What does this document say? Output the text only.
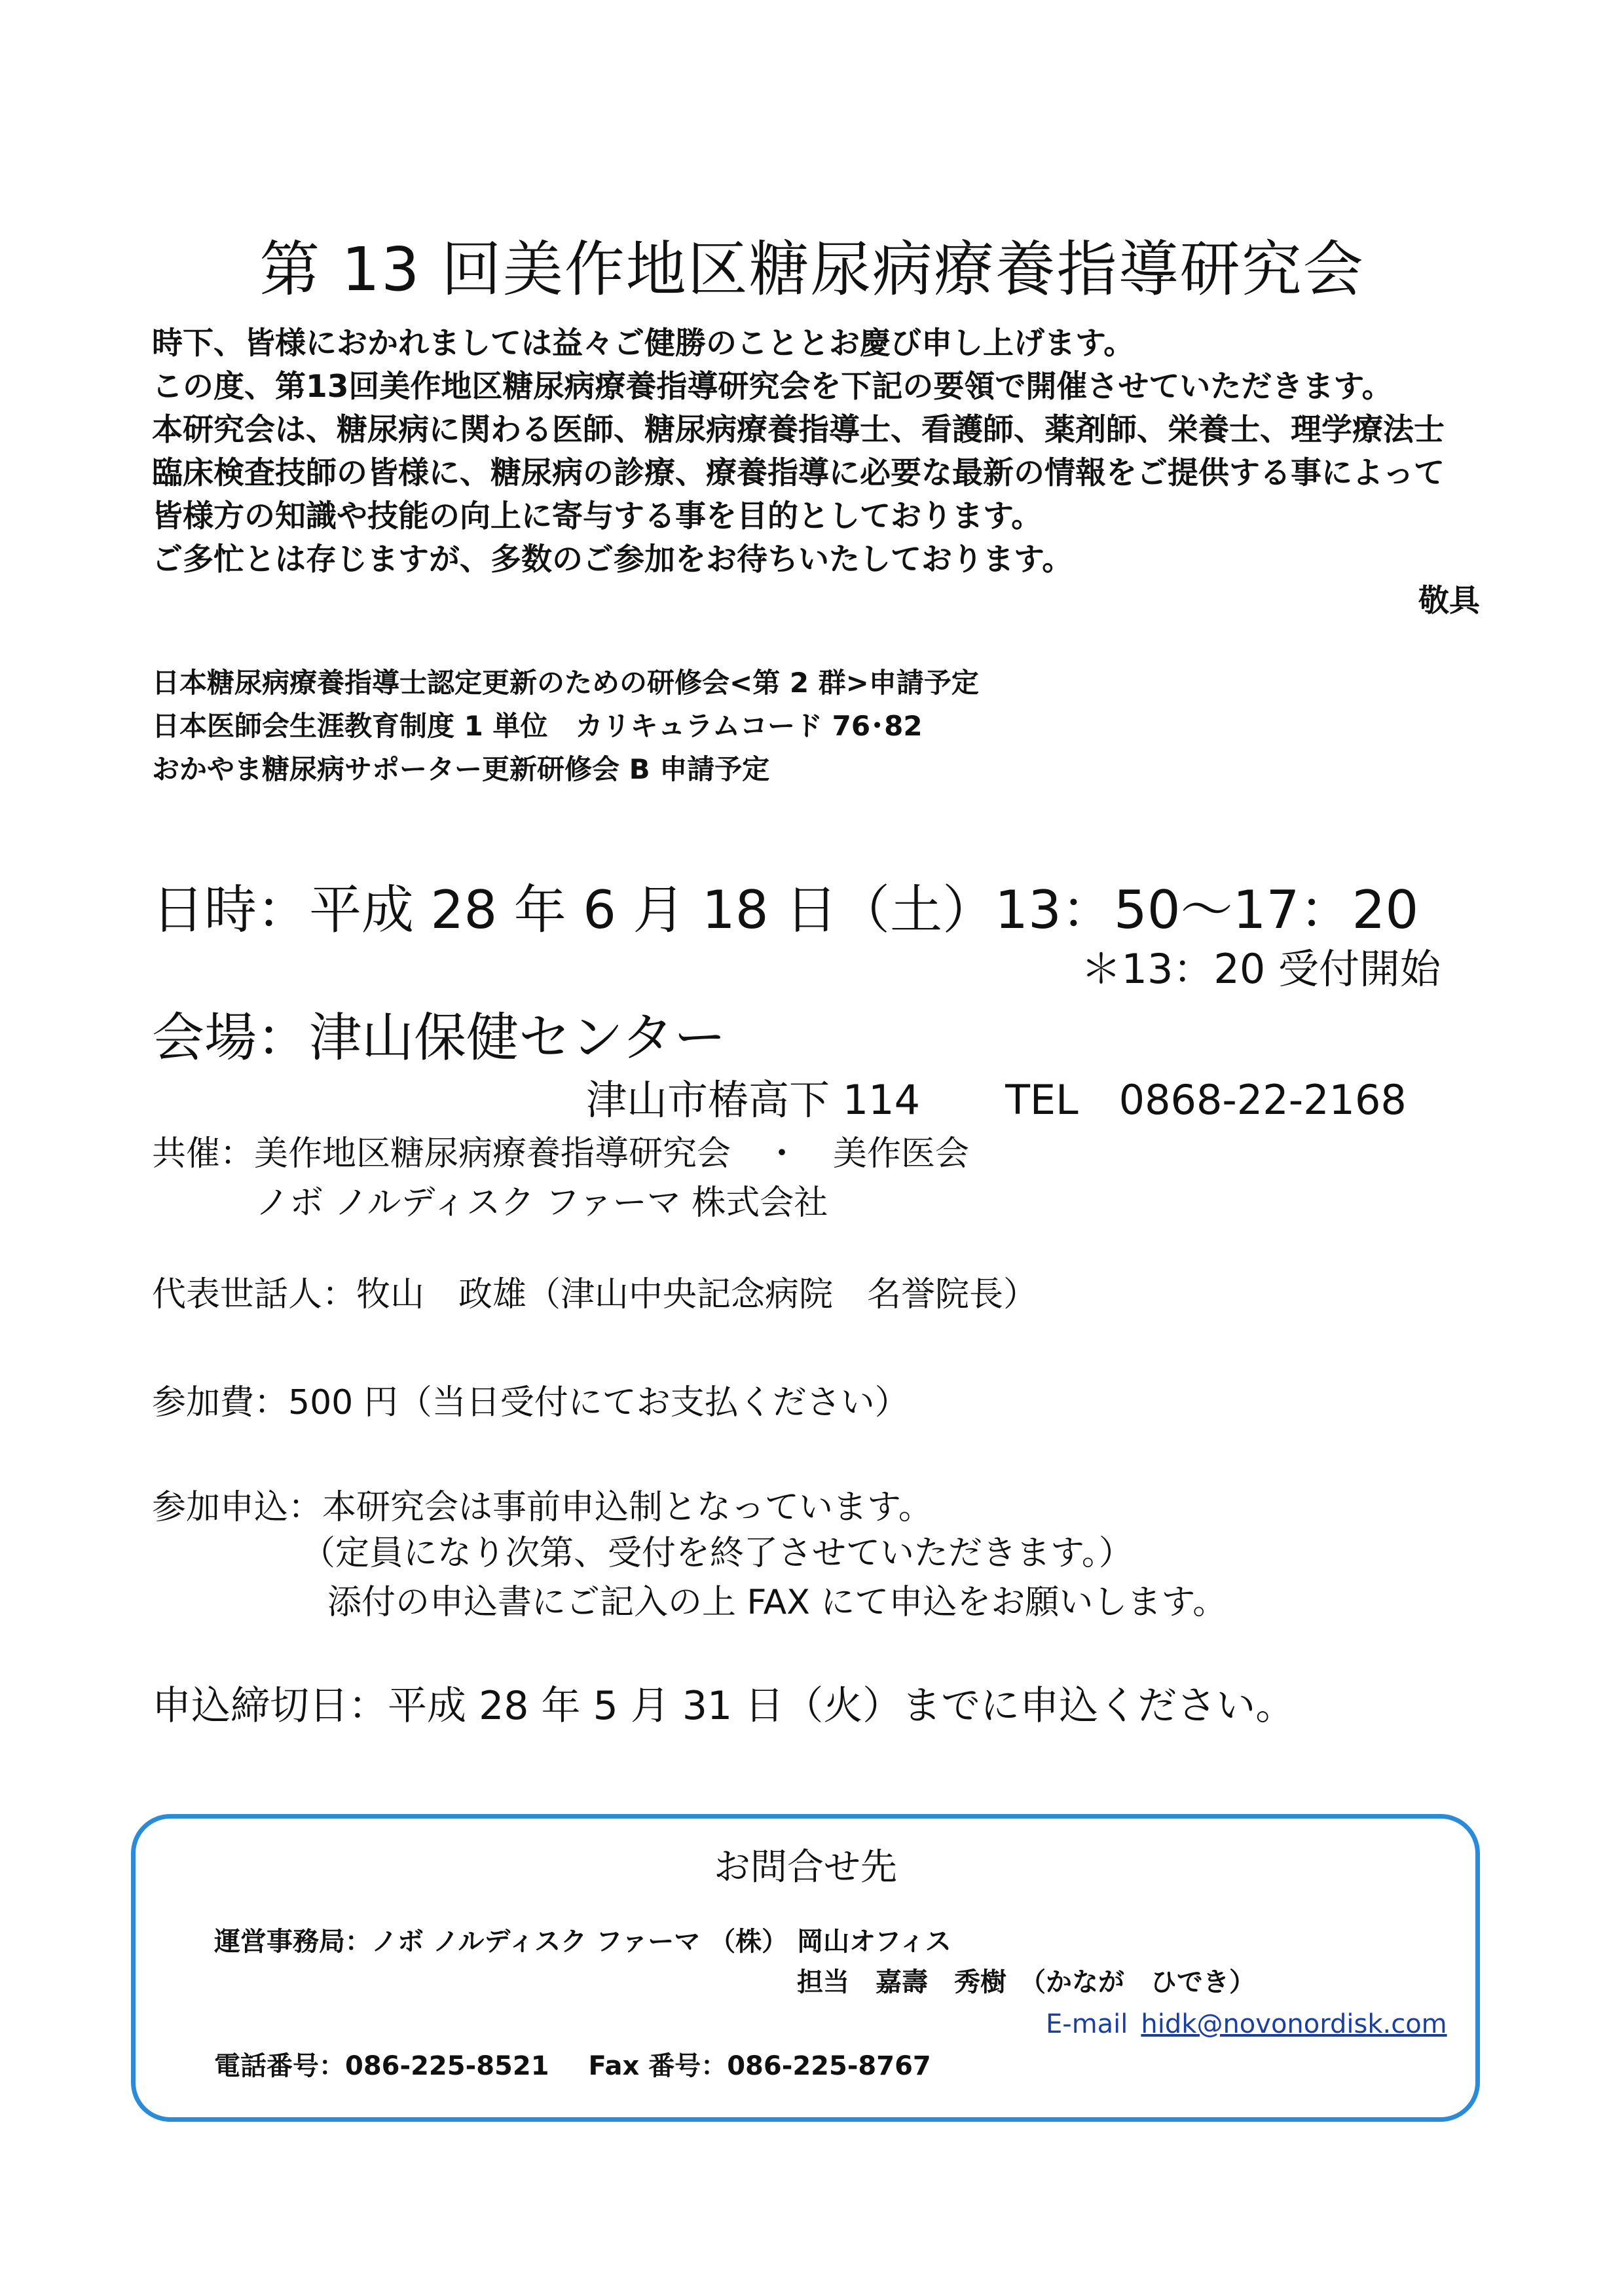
第 13 回美作地区糖尿病療養指導研究会

時下、皆様におかれましては益々ご健勝のこととお慶び申し上げます。

この度、第13回美作地区糖尿病療養指導研究会を下記の要領で開催させていただきます。

本研究会は、糖尿病に関わる医師、糖尿病療養指導士、看護師、薬剤師、栄養士、理学療法士

臨床検査技師の皆様に、糖尿病の診療、療養指導に必要な最新の情報をご提供する事によって

皆様方の知識や技能の向上に寄与する事を目的としております。

ご多忙とは存じますが、多数のご参加をお待ちいたしております。

敬具

日本糖尿病療養指導士認定更新のための研修会<第 2 群>申請予定

日本医師会生涯教育制度 1 単位　カリキュラムコード 76･82

おかやま糖尿病サポーター更新研修会 B 申請予定

日時：平成 28 年 6 月 18 日（土）13：50～17：20
＊13：20 受付開始
会場：津山保健センター
津山市椿高下 114 TEL　0868-22-2168
共催：美作地区糖尿病療養指導研究会　・　美作医会
ノボ ノルディスク ファーマ 株式会社
代表世話人：牧山　政雄（津山中央記念病院　名誉院長）
参加費：500 円（当日受付にてお支払ください）
参加申込：本研究会は事前申込制となっています。
（定員になり次第、受付を終了させていただきます。）
添付の申込書にご記入の上 FAX にて申込をお願いします。
申込締切日：平成 28 年 5 月 31 日（火）までに申込ください。
お問合せ先
運営事務局：ノボ ノルディスク ファーマ （株） 岡山オフィス
担当　嘉壽　秀樹　（かなが　ひでき）
E-mail hidk@novonordisk.com
電話番号：086-225-8521 Fax 番号：086-225-8767
